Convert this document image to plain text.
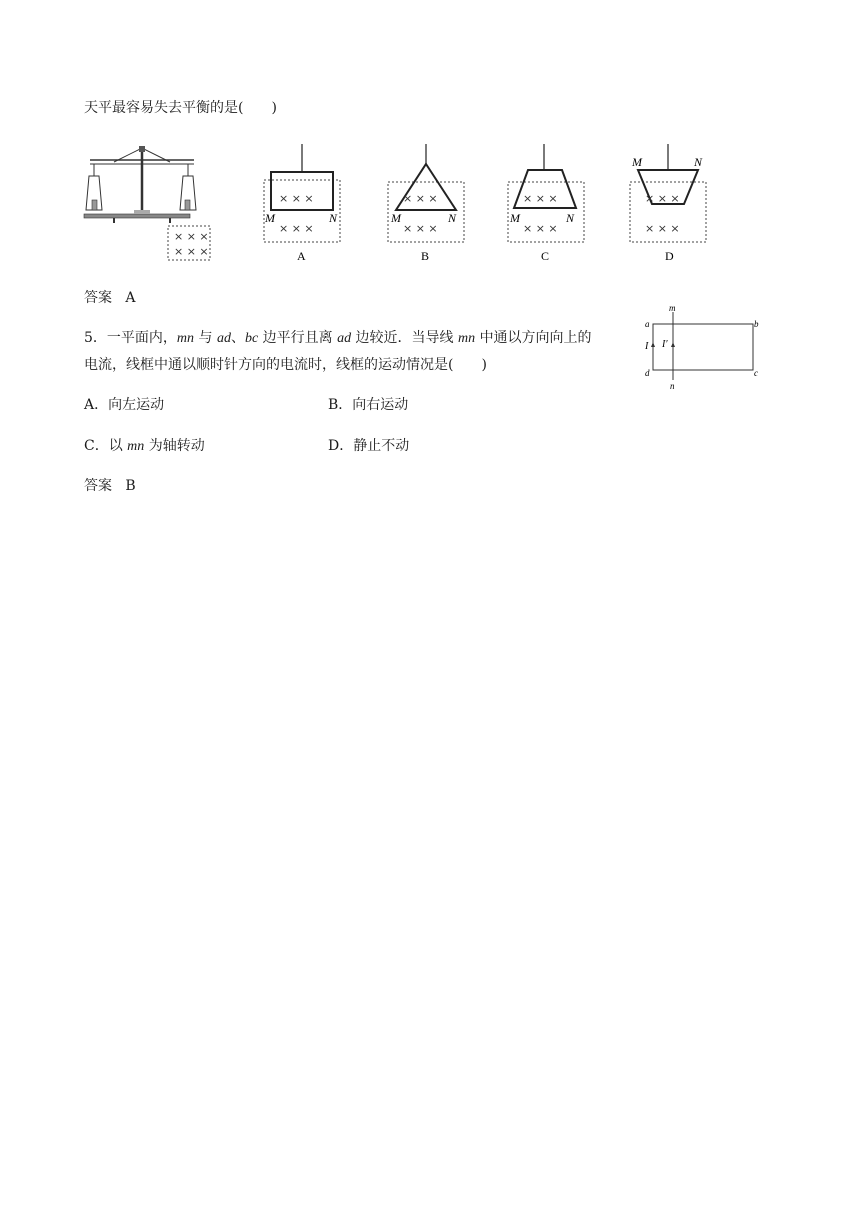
天平最容易失去平衡的是(　　)
× × ×
× × ×
× × ×
× × ×
M	N
A
× × ×
× × ×
M	N
B
× × ×
× × ×
M	N
C
× × ×
× × ×
M	N
D
答案 A
5．一平面内，mn 与 ad、bc 边平行且离 ad 边较近．当导线 mn 中通以方向向上的
电流，线框中通以顺时针方向的电流时，线框的运动情况是(　　)
m
n
a	b
c
d
I I′
A．向左运动	B．向右运动
C．以 mn 为轴转动	D．静止不动
答案 B
